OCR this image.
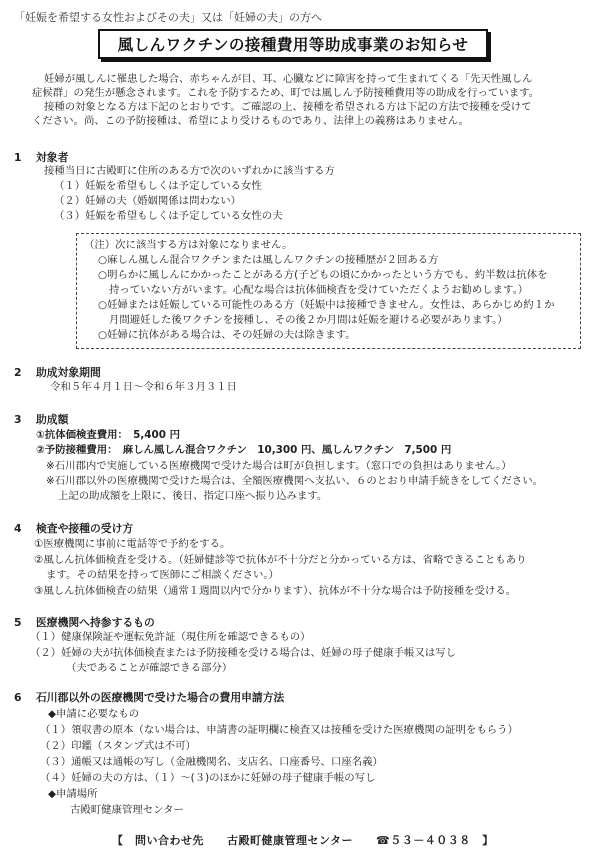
「妊娠を希望する女性およびその夫」又は「妊婦の夫」の方へ
風しんワクチンの接種費用等助成事業のお知らせ
妊婦が風しんに罹患した場合、赤ちゃんが目、耳、心臓などに障害を持って生まれてくる「先天性風しん
症候群」の発生が懸念されます。これを予防するため、町では風しん予防接種費用等の助成を行っています。
接種の対象となる方は下記のとおりです。ご確認の上、接種を希望される方は下記の方法で接種を受けて
ください。尚、この予防接種は、希望により受けるものであり、法律上の義務はありません。
1 対象者
接種当日に古殿町に住所のある方で次のいずれかに該当する方
（１）妊娠を希望もしくは予定している女性
（２）妊婦の夫（婚姻関係は問わない）
（３）妊娠を希望もしくは予定している女性の夫
（注）次に該当する方は対象になりません。
○麻しん風しん混合ワクチンまたは風しんワクチンの接種歴が２回ある方
○明らかに風しんにかかったことがある方(子どもの頃にかかったという方でも、約半数は抗体を
持っていない方がいます。心配な場合は抗体価検査を受けていただくようお勧めします。）
○妊婦または妊娠している可能性のある方（妊娠中は接種できません。女性は、あらかじめ約１か
月間避妊した後ワクチンを接種し、その後２か月間は妊娠を避ける必要があります。）
○妊婦に抗体がある場合は、その妊婦の夫は除きます。
2 助成対象期間
令和５年４月１日～令和６年３月３１日
3 助成額
①抗体価検査費用：　5,400 円
②予防接種費用：　麻しん風しん混合ワクチン　10,300 円、風しんワクチン　7,500 円
※石川郡内で実施している医療機関で受けた場合は町が負担します。（窓口での負担はありません。）
※石川郡以外の医療機関で受けた場合は、全額医療機関へ支払い、６のとおり申請手続きをしてください。
上記の助成額を上限に、後日、指定口座へ振り込みます。
4 検査や接種の受け方
①医療機関に事前に電話等で予約をする。
②風しん抗体価検査を受ける。（妊婦健診等で抗体が不十分だと分かっている方は、省略できることもあり
ます。その結果を持って医師にご相談ください。）
③風しん抗体価検査の結果（通常１週間以内で分かります）、抗体が不十分な場合は予防接種を受ける。
5 医療機関へ持参するもの
（１）健康保険証や運転免許証（現住所を確認できるもの）
（２）妊婦の夫が抗体価検査または予防接種を受ける場合は、妊婦の母子健康手帳又は写し
（夫であることが確認できる部分）
6 石川郡以外の医療機関で受けた場合の費用申請方法
◆申請に必要なもの
（１）領収書の原本（ない場合は、申請書の証明欄に検査又は接種を受けた医療機関の証明をもらう）
（２）印鑑（スタンプ式は不可）
（３）通帳又は通帳の写し（金融機関名、支店名、口座番号、口座名義）
（４）妊婦の夫の方は、（１）～(３)のほかに妊婦の母子健康手帳の写し
◆申請場所
古殿町健康管理センター
【　問い合わせ先　　古殿町健康管理センター　　☎５３－４０３８　】
